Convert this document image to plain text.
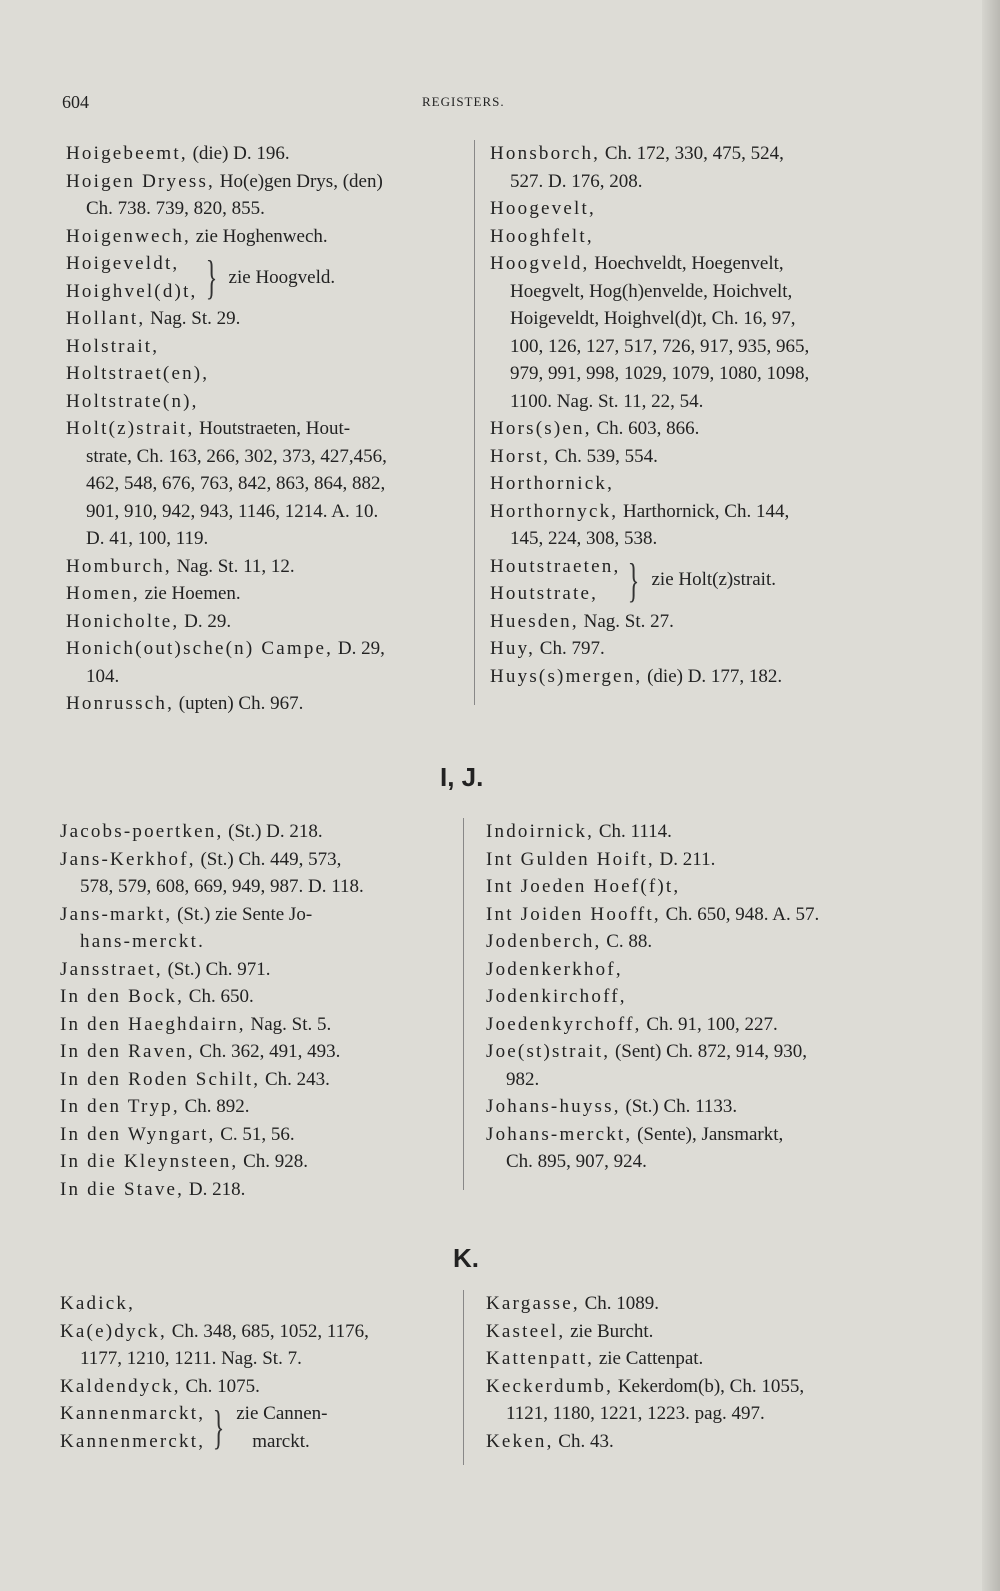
604	REGISTERS.
Hoigebeemt, (die) D. 196.
Hoigen Dryess, Ho(e)gen Drys, (den)
Ch. 738. 739, 820, 855.
Hoigenwech, zie Hoghenwech.
Hoigeveldt,
Hoighvel(d)t, } zie Hoogveld.
Hollant, Nag. St. 29.
Holstrait,
Holtstraet(en),
Holtstrate(n),
Holt(z)strait, Houtstraeten, Hout-
strate, Ch. 163, 266, 302, 373, 427,456,
462, 548, 676, 763, 842, 863, 864, 882,
901, 910, 942, 943, 1146, 1214. A. 10.
D. 41, 100, 119.
Homburch, Nag. St. 11, 12.
Homen, zie Hoemen.
Honicholte, D. 29.
Honich(out)sche(n) Campe, D. 29,
104.
Honrussch, (upten) Ch. 967.
Honsborch, Ch. 172, 330, 475, 524,
527. D. 176, 208.
Hoogevelt,
Hooghfelt,
Hoogveld, Hoechveldt, Hoegenvelt,
Hoegvelt, Hog(h)envelde, Hoichvelt,
Hoigeveldt, Hoighvel(d)t, Ch. 16, 97,
100, 126, 127, 517, 726, 917, 935, 965,
979, 991, 998, 1029, 1079, 1080, 1098,
1100. Nag. St. 11, 22, 54.
Hors(s)en, Ch. 603, 866.
Horst, Ch. 539, 554.
Horthornick,
Horthornyck, Harthornick, Ch. 144,
145, 224, 308, 538.
Houtstraeten,
Houtstrate, } zie Holt(z)strait.
Huesden, Nag. St. 27.
Huy, Ch. 797.
Huys(s)mergen, (die) D. 177, 182.
I, J.
Jacobs-poertken, (St.) D. 218.
Jans-Kerkhof, (St.) Ch. 449, 573,
578, 579, 608, 669, 949, 987. D. 118.
Jans-markt, (St.) zie Sente Jo-
hans-merckt.
Jansstraet, (St.) Ch. 971.
In den Bock, Ch. 650.
In den Haeghdairn, Nag. St. 5.
In den Raven, Ch. 362, 491, 493.
In den Roden Schilt, Ch. 243.
In den Tryp, Ch. 892.
In den Wyngart, C. 51, 56.
In die Kleynsteen, Ch. 928.
In die Stave, D. 218.
Indoirnick, Ch. 1114.
Int Gulden Hoift, D. 211.
Int Joeden Hoef(f)t,
Int Joiden Hoofft, Ch. 650, 948. A. 57.
Jodenberch, C. 88.
Jodenkerkhof,
Jodenkirchoff,
Joedenkyrchoff, Ch. 91, 100, 227.
Joe(st)strait, (Sent) Ch. 872, 914, 930,
982.
Johans-huyss, (St.) Ch. 1133.
Johans-merckt, (Sente), Jansmarkt,
Ch. 895, 907, 924.
K.
Kadick,
Ka(e)dyck, Ch. 348, 685, 1052, 1176,
1177, 1210, 1211. Nag. St. 7.
Kaldendyck, Ch. 1075.
Kannenmarckt,
Kannenmerckt, } zie Cannen-
marckt.
Kargasse, Ch. 1089.
Kasteel, zie Burcht.
Kattenpatt, zie Cattenpat.
Keckerdumb, Kekerdom(b), Ch. 1055,
1121, 1180, 1221, 1223. pag. 497.
Keken, Ch. 43.
